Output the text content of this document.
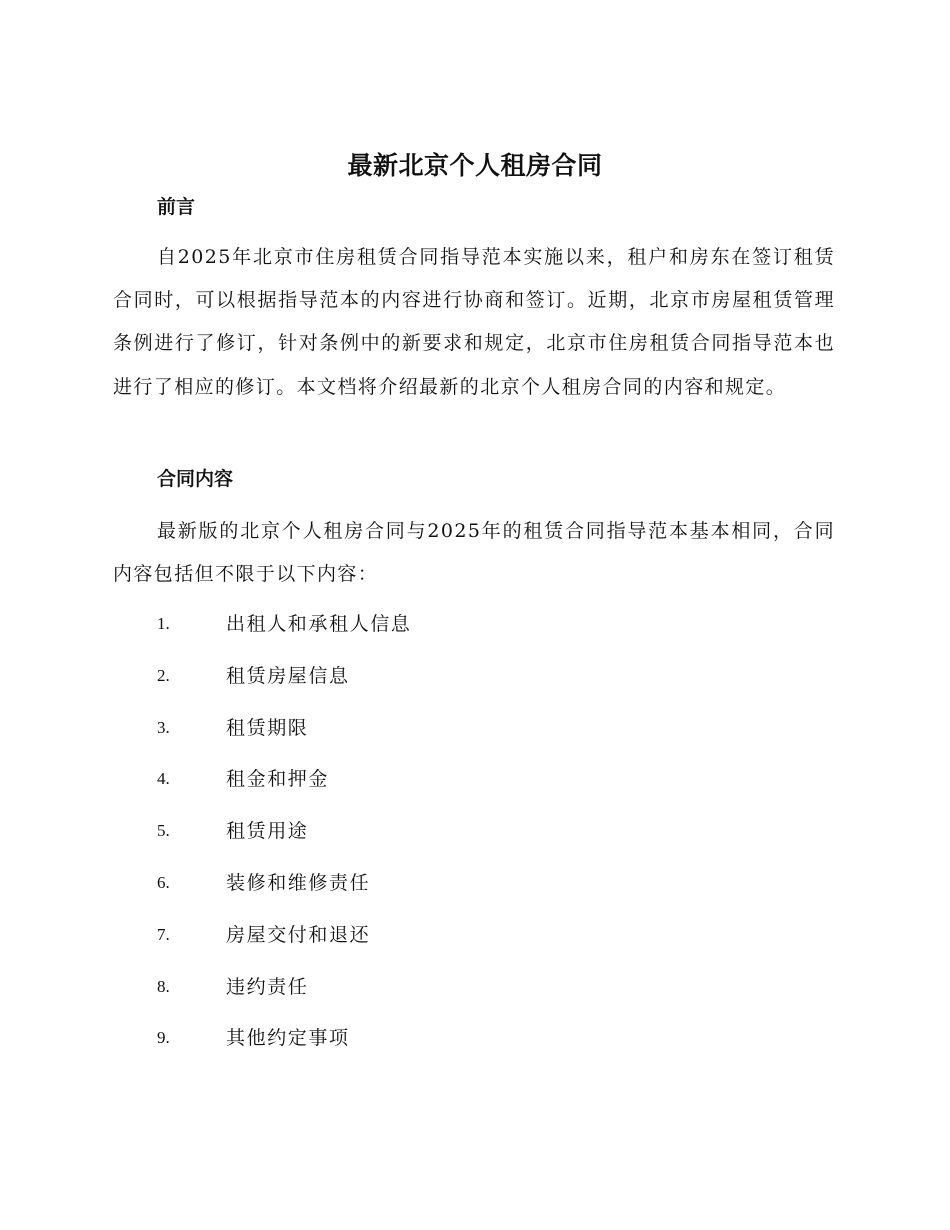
最新北京个人租房合同
前言

自2025年北京市住房租赁合同指导范本实施以来，租户和房东在签订租赁合同时，可以根据指导范本的内容进行协商和签订。近期，北京市房屋租赁管理条例进行了修订，针对条例中的新要求和规定，北京市住房租赁合同指导范本也进行了相应的修订。本文档将介绍最新的北京个人租房合同的内容和规定。

合同内容

最新版的北京个人租房合同与2025年的租赁合同指导范本基本相同，合同内容包括但不限于以下内容：

1.	出租人和承租人信息
2.	租赁房屋信息
3.	租赁期限
4.	租金和押金
5.	租赁用途
6.	装修和维修责任
7.	房屋交付和退还
8.	违约责任
9.	其他约定事项
